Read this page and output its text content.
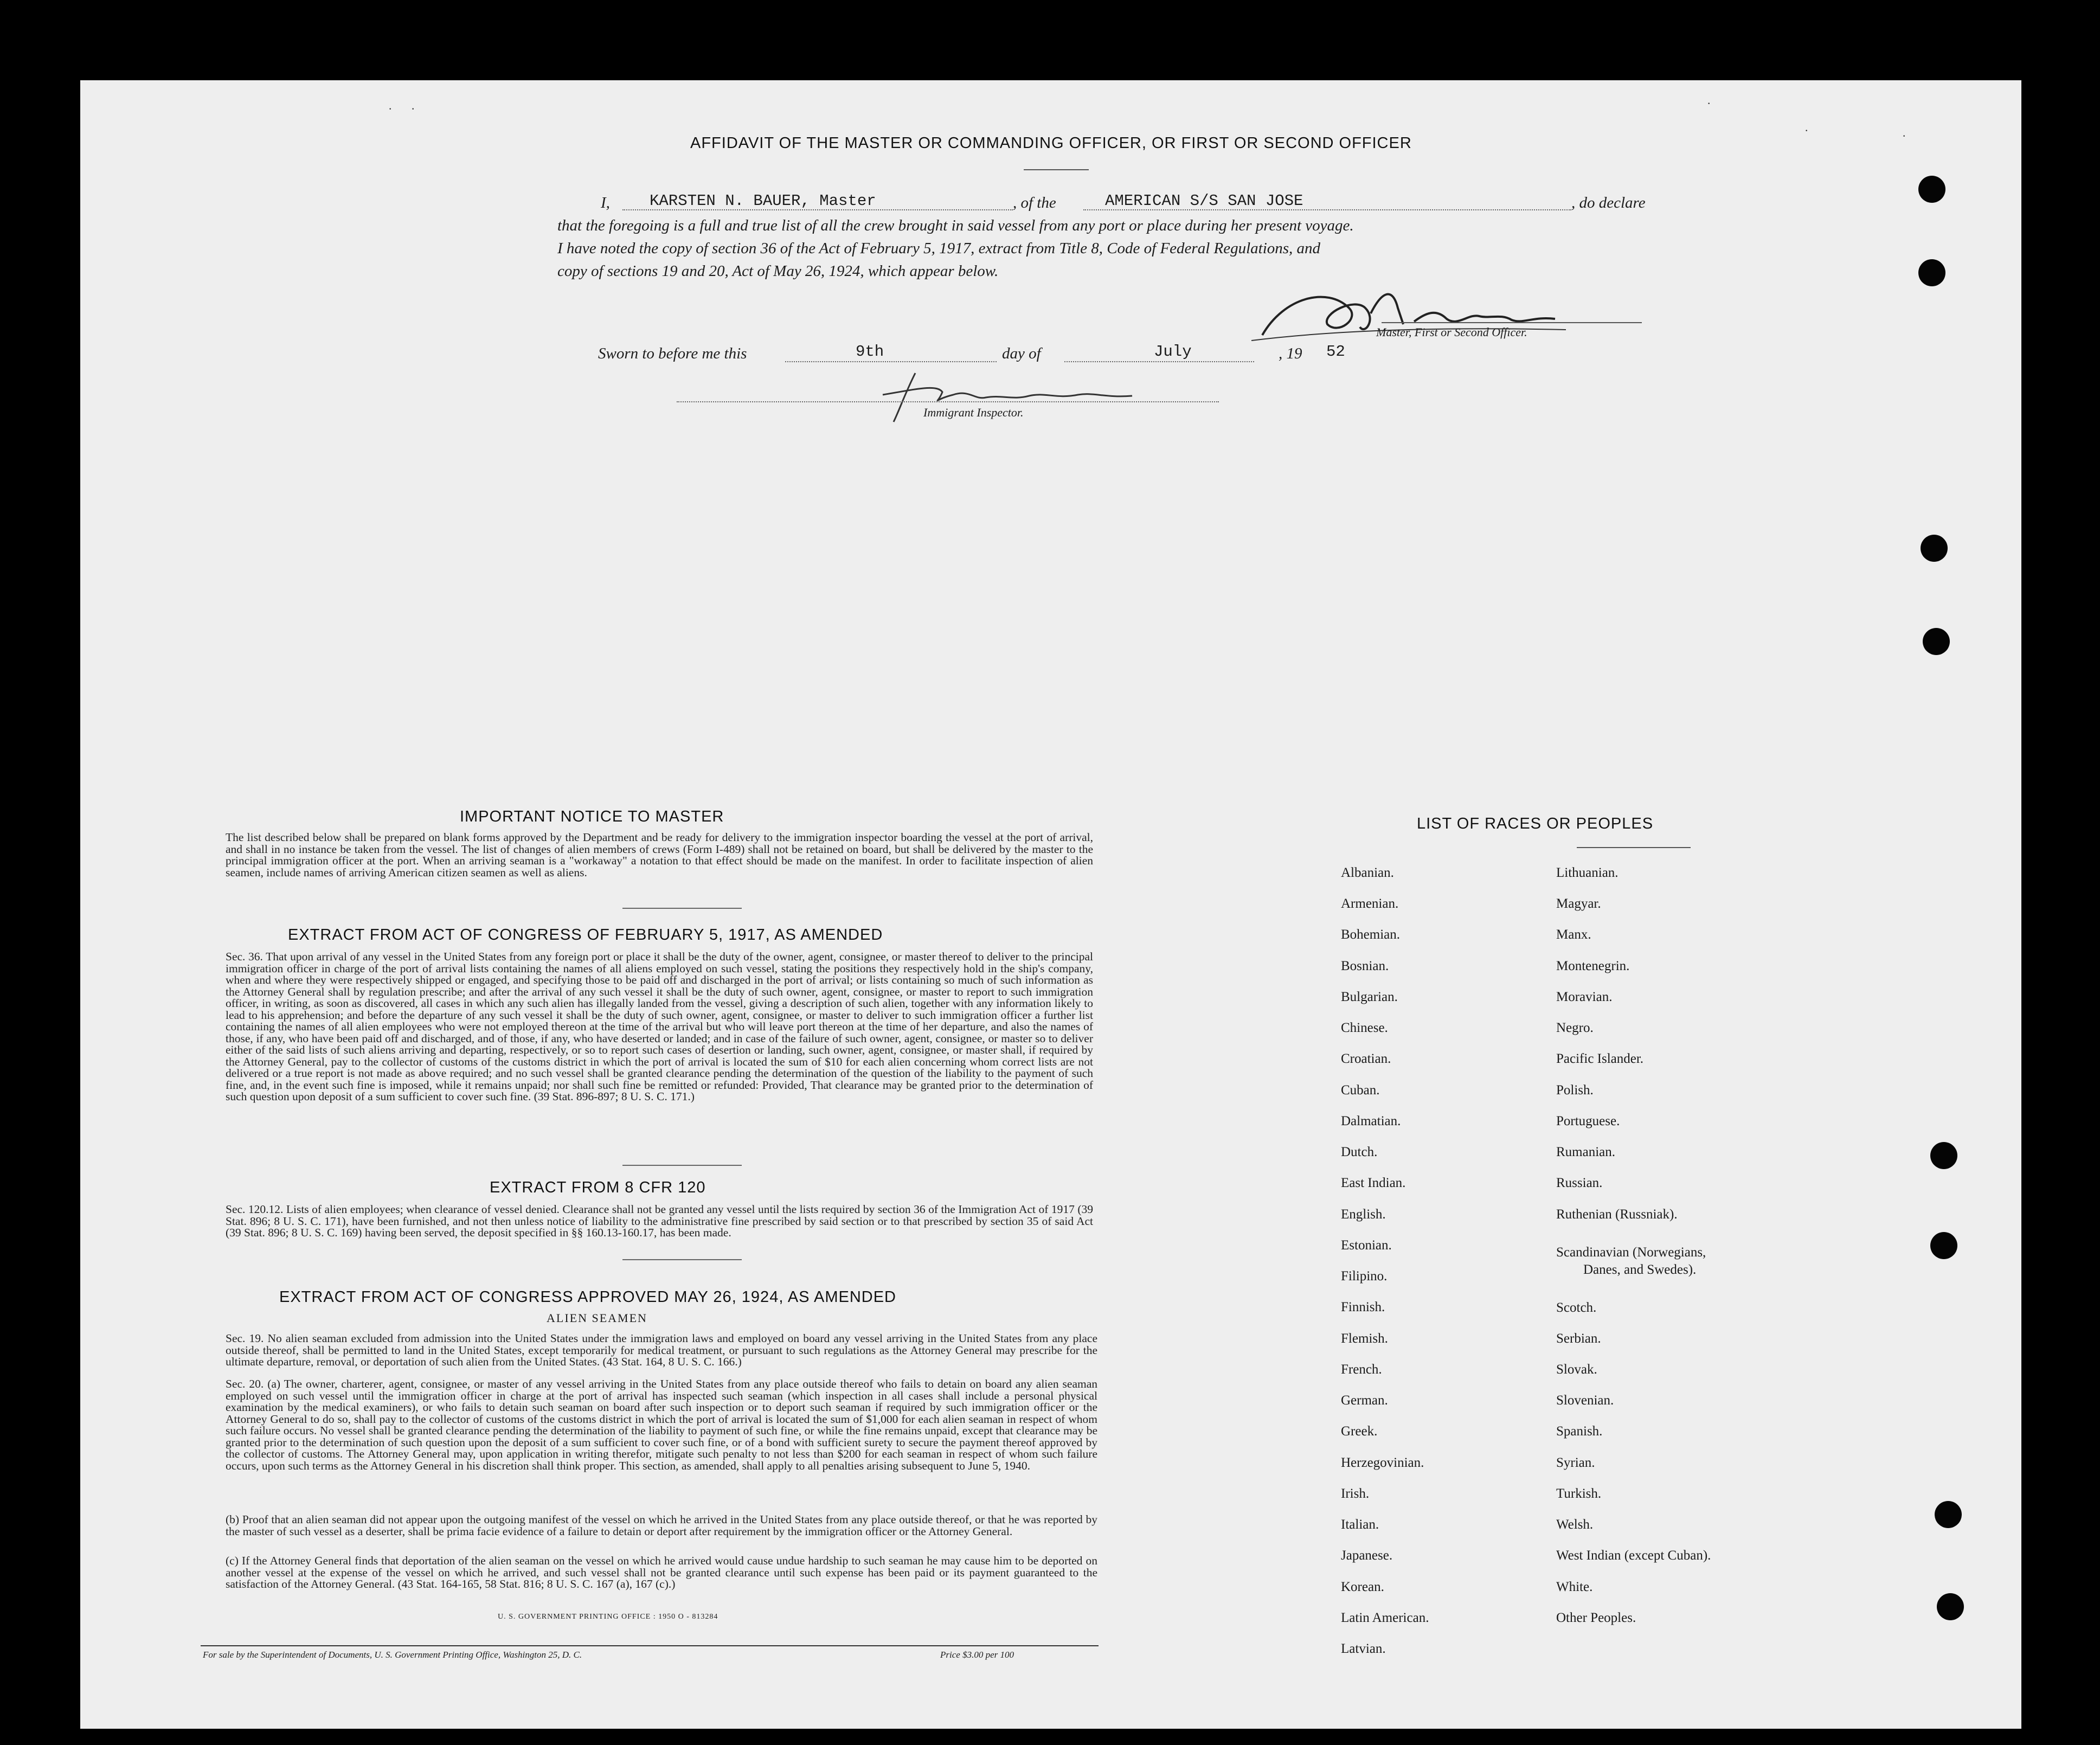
· ·	·
·	·
AFFIDAVIT OF THE MASTER OR COMMANDING OFFICER, OR FIRST OR SECOND OFFICER
I,	KARSTEN N. BAUER, Master	, of the	AMERICAN S/S SAN JOSE	, do declare
that the foregoing is a full and true list of all the crew brought in said vessel from any port or place during her present voyage.
I have noted the copy of section 36 of the Act of February 5, 1917, extract from Title 8, Code of Federal Regulations, and
copy of sections 19 and 20, Act of May 26, 1924, which appear below.
Master, First or Second Officer.
Sworn to before me this	9th	day of	July	, 19 52
Immigrant Inspector.
IMPORTANT NOTICE TO MASTER
The list described below shall be prepared on blank forms approved by the Department and be ready for delivery to the immigration inspector boarding the vessel at the port of arrival, and shall in no instance be taken from the vessel. The list of changes of alien members of crews (Form I-489) shall not be retained on board, but shall be delivered by the master to the principal immigration officer at the port. When an arriving seaman is a "workaway" a notation to that effect should be made on the manifest. In order to facilitate inspection of alien seamen, include names of arriving American citizen seamen as well as aliens.
EXTRACT FROM ACT OF CONGRESS OF FEBRUARY 5, 1917, AS AMENDED
Sec. 36. That upon arrival of any vessel in the United States from any foreign port or place it shall be the duty of the owner, agent, consignee, or master thereof to deliver to the principal immigration officer in charge of the port of arrival lists containing the names of all aliens employed on such vessel, stating the positions they respectively hold in the ship's company, when and where they were respectively shipped or engaged, and specifying those to be paid off and discharged in the port of arrival; or lists containing so much of such information as the Attorney General shall by regulation prescribe; and after the arrival of any such vessel it shall be the duty of such owner, agent, consignee, or master to report to such immigration officer, in writing, as soon as discovered, all cases in which any such alien has illegally landed from the vessel, giving a description of such alien, together with any information likely to lead to his apprehension; and before the departure of any such vessel it shall be the duty of such owner, agent, consignee, or master to deliver to such immigration officer a further list containing the names of all alien employees who were not employed thereon at the time of the arrival but who will leave port thereon at the time of her departure, and also the names of those, if any, who have been paid off and discharged, and of those, if any, who have deserted or landed; and in case of the failure of such owner, agent, consignee, or master so to deliver either of the said lists of such aliens arriving and departing, respectively, or so to report such cases of desertion or landing, such owner, agent, consignee, or master shall, if required by the Attorney General, pay to the collector of customs of the customs district in which the port of arrival is located the sum of $10 for each alien concerning whom correct lists are not delivered or a true report is not made as above required; and no such vessel shall be granted clearance pending the determination of the question of the liability to the payment of such fine, and, in the event such fine is imposed, while it remains unpaid; nor shall such fine be remitted or refunded: Provided, That clearance may be granted prior to the determination of such question upon deposit of a sum sufficient to cover such fine. (39 Stat. 896-897; 8 U. S. C. 171.)
EXTRACT FROM 8 CFR 120
Sec. 120.12. Lists of alien employees; when clearance of vessel denied. Clearance shall not be granted any vessel until the lists required by section 36 of the Immigration Act of 1917 (39 Stat. 896; 8 U. S. C. 171), have been furnished, and not then unless notice of liability to the administrative fine prescribed by said section or to that prescribed by section 35 of said Act (39 Stat. 896; 8 U. S. C. 169) having been served, the deposit specified in §§ 160.13-160.17, has been made.
EXTRACT FROM ACT OF CONGRESS APPROVED MAY 26, 1924, AS AMENDED
ALIEN SEAMEN
Sec. 19. No alien seaman excluded from admission into the United States under the immigration laws and employed on board any vessel arriving in the United States from any place outside thereof, shall be permitted to land in the United States, except temporarily for medical treatment, or pursuant to such regulations as the Attorney General may prescribe for the ultimate departure, removal, or deportation of such alien from the United States. (43 Stat. 164, 8 U. S. C. 166.)
Sec. 20. (a) The owner, charterer, agent, consignee, or master of any vessel arriving in the United States from any place outside thereof who fails to detain on board any alien seaman employed on such vessel until the immigration officer in charge at the port of arrival has inspected such seaman (which inspection in all cases shall include a personal physical examination by the medical examiners), or who fails to detain such seaman on board after such inspection or to deport such seaman if required by such immigration officer or the Attorney General to do so, shall pay to the collector of customs of the customs district in which the port of arrival is located the sum of $1,000 for each alien seaman in respect of whom such failure occurs. No vessel shall be granted clearance pending the determination of the liability to payment of such fine, or while the fine remains unpaid, except that clearance may be granted prior to the determination of such question upon the deposit of a sum sufficient to cover such fine, or of a bond with sufficient surety to secure the payment thereof approved by the collector of customs. The Attorney General may, upon application in writing therefor, mitigate such penalty to not less than $200 for each seaman in respect of whom such failure occurs, upon such terms as the Attorney General in his discretion shall think proper. This section, as amended, shall apply to all penalties arising subsequent to June 5, 1940.
(b) Proof that an alien seaman did not appear upon the outgoing manifest of the vessel on which he arrived in the United States from any place outside thereof, or that he was reported by the master of such vessel as a deserter, shall be prima facie evidence of a failure to detain or deport after requirement by the immigration officer or the Attorney General.
(c) If the Attorney General finds that deportation of the alien seaman on the vessel on which he arrived would cause undue hardship to such seaman he may cause him to be deported on another vessel at the expense of the vessel on which he arrived, and such vessel shall not be granted clearance until such expense has been paid or its payment guaranteed to the satisfaction of the Attorney General. (43 Stat. 164-165, 58 Stat. 816; 8 U. S. C. 167 (a), 167 (c).)
U. S. GOVERNMENT PRINTING OFFICE : 1950 O - 813284
For sale by the Superintendent of Documents, U. S. Government Printing Office, Washington 25, D. C.	Price $3.00 per 100
LIST OF RACES OR PEOPLES
Albanian.
Armenian.
Bohemian.
Bosnian.
Bulgarian.
Chinese.
Croatian.
Cuban.
Dalmatian.
Dutch.
East Indian.
English.
Estonian.
Filipino.
Finnish.
Flemish.
French.
German.
Greek.
Herzegovinian.
Irish.
Italian.
Japanese.
Korean.
Latin American.
Latvian.
Lithuanian.
Magyar.
Manx.
Montenegrin.
Moravian.
Negro.
Pacific Islander.
Polish.
Portuguese.
Rumanian.
Russian.
Ruthenian (Russniak).
Scandinavian (Norwegians,
Danes, and Swedes).
Scotch.
Serbian.
Slovak.
Slovenian.
Spanish.
Syrian.
Turkish.
Welsh.
West Indian (except Cuban).
White.
Other Peoples.
